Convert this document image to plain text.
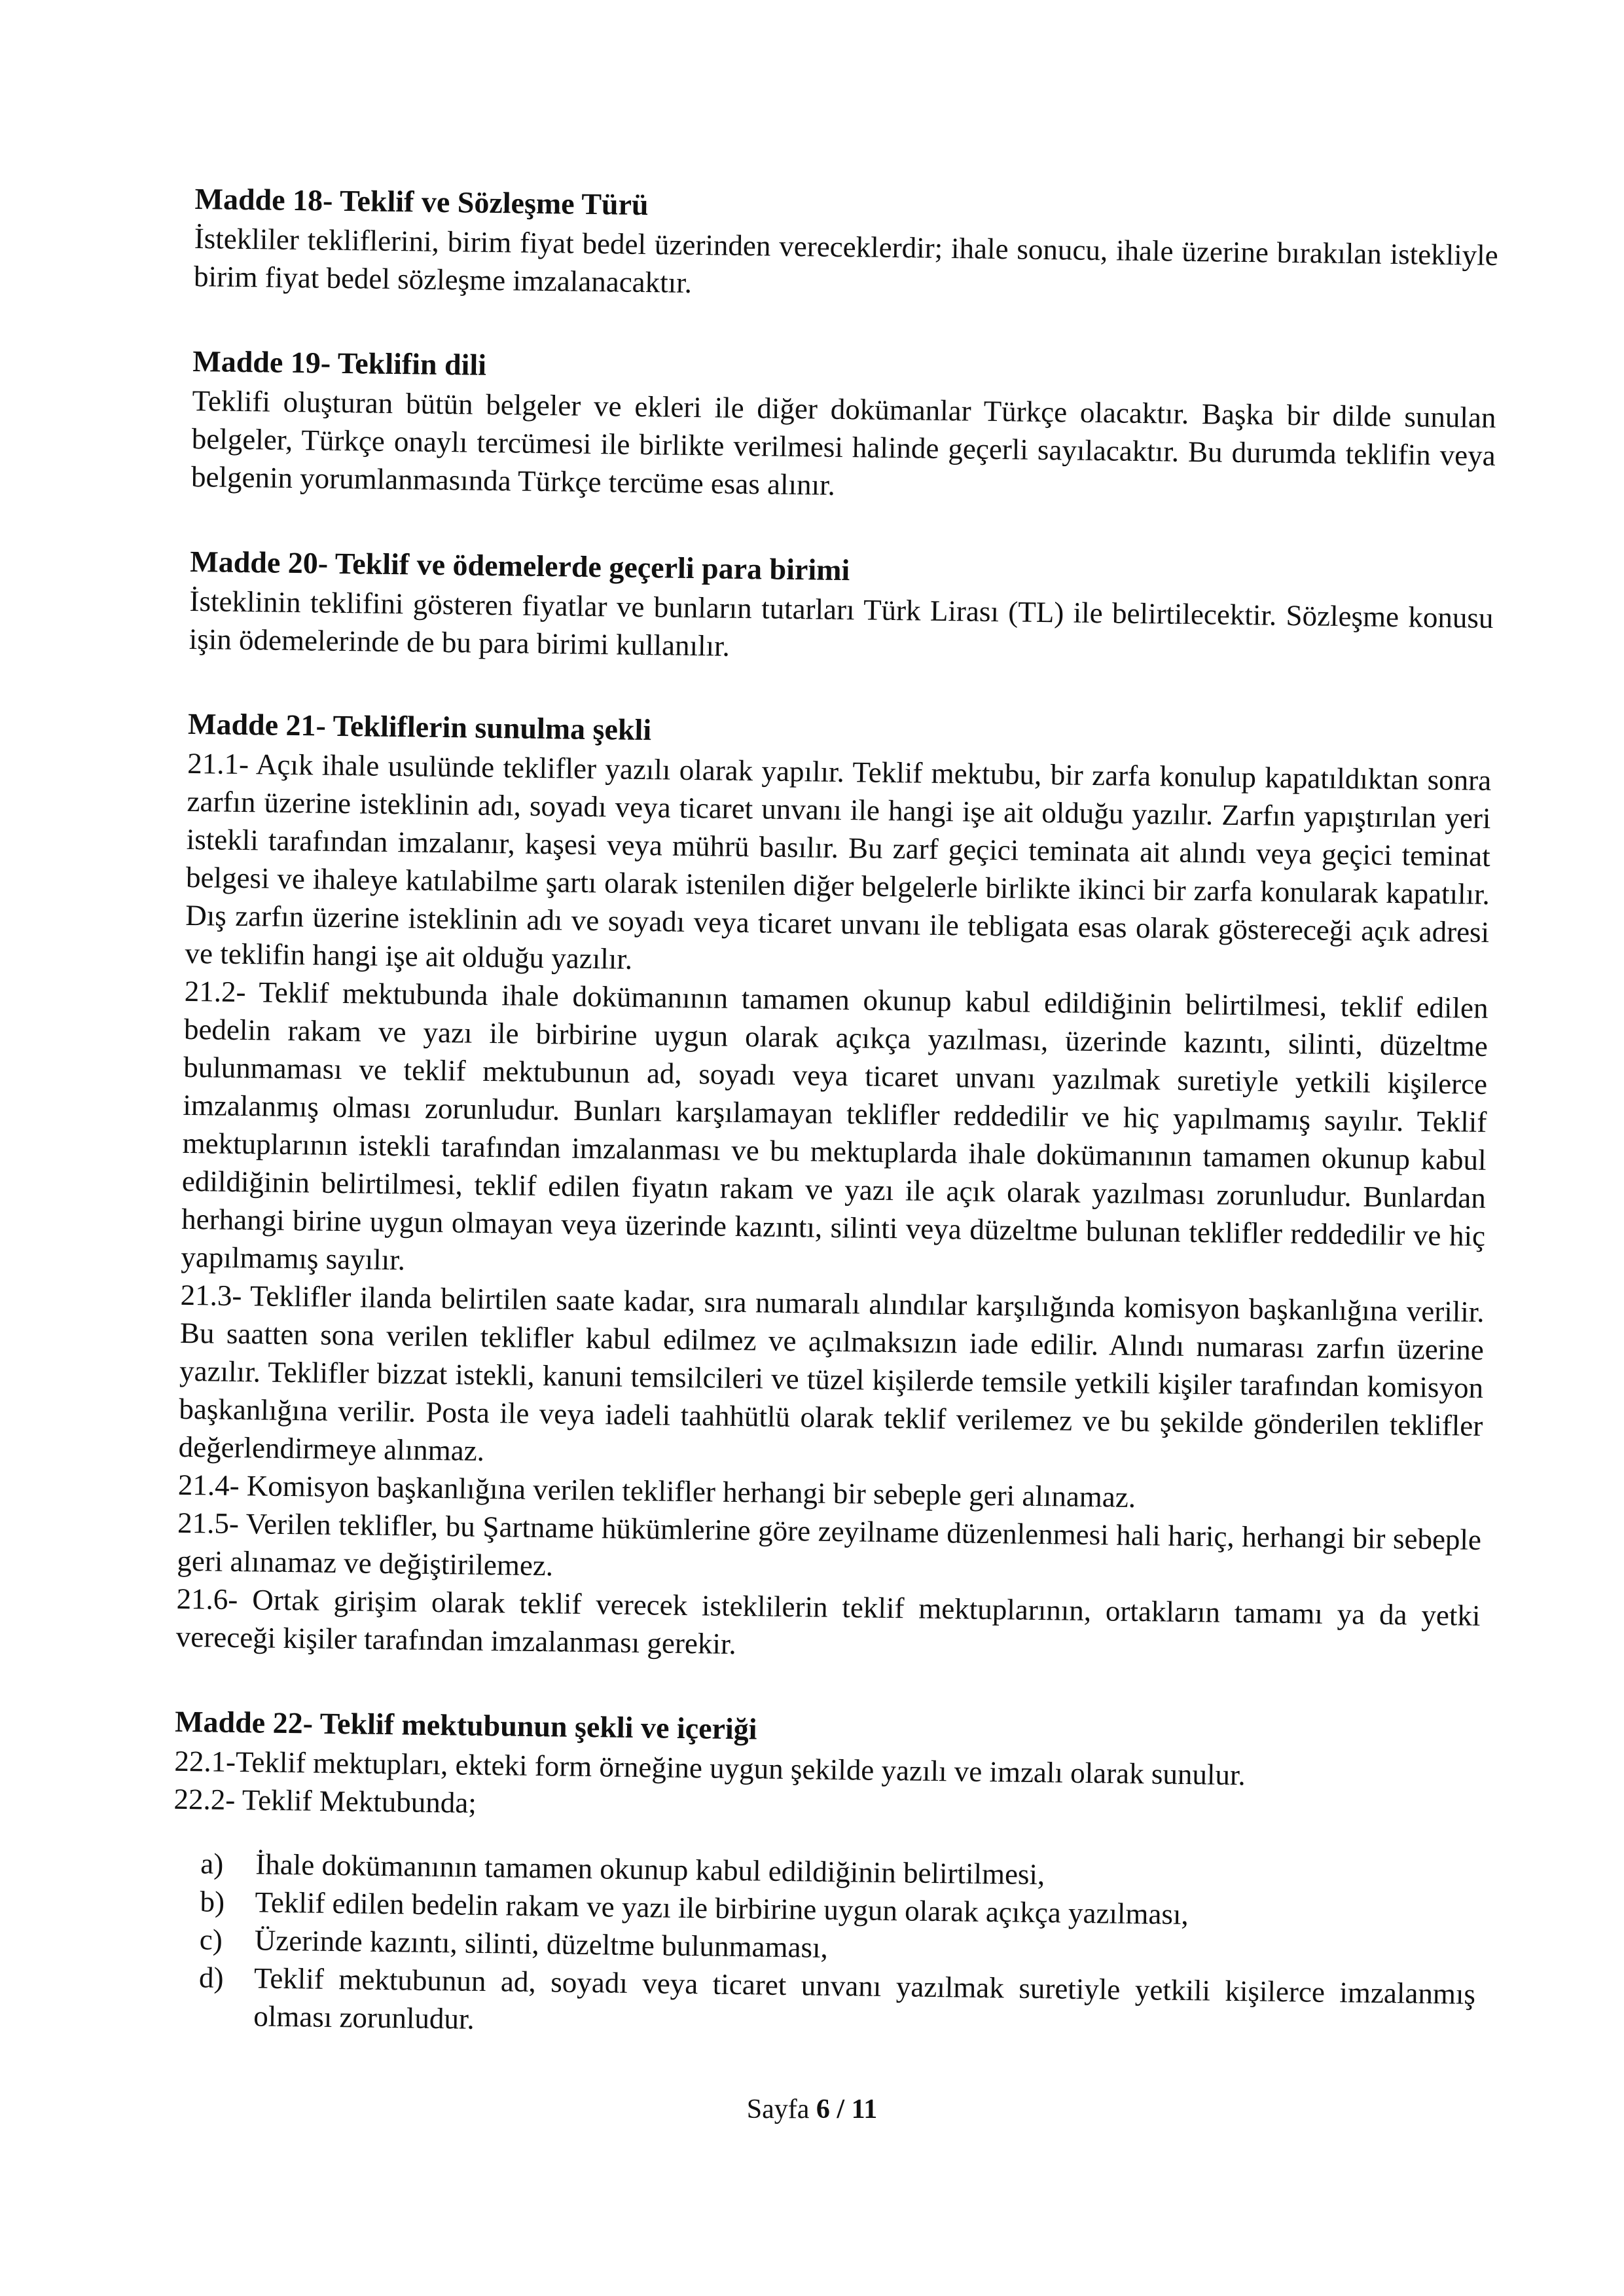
Madde 18- Teklif ve Sözleşme Türü

İstekliler tekliflerini, birim fiyat bedel üzerinden vereceklerdir; ihale sonucu, ihale üzerine bırakılan istekliyle birim fiyat bedel sözleşme imzalanacaktır.

Madde 19- Teklifin dili

Teklifi oluşturan bütün belgeler ve ekleri ile diğer dokümanlar Türkçe olacaktır. Başka bir dilde sunulan belgeler, Türkçe onaylı tercümesi ile birlikte verilmesi halinde geçerli sayılacaktır. Bu durumda teklifin veya belgenin yorumlanmasında Türkçe tercüme esas alınır.

Madde 20- Teklif ve ödemelerde geçerli para birimi

İsteklinin teklifini gösteren fiyatlar ve bunların tutarları Türk Lirası (TL) ile belirtilecektir. Sözleşme konusu işin ödemelerinde de bu para birimi kullanılır.

Madde 21- Tekliflerin sunulma şekli

21.1- Açık ihale usulünde teklifler yazılı olarak yapılır. Teklif mektubu, bir zarfa konulup kapatıldıktan sonra zarfın üzerine isteklinin adı, soyadı veya ticaret unvanı ile hangi işe ait olduğu yazılır. Zarfın yapıştırılan yeri istekli tarafından imzalanır, kaşesi veya mührü basılır. Bu zarf geçici teminata ait alındı veya geçici teminat belgesi ve ihaleye katılabilme şartı olarak istenilen diğer belgelerle birlikte ikinci bir zarfa konularak kapatılır. Dış zarfın üzerine isteklinin adı ve soyadı veya ticaret unvanı ile tebligata esas olarak göstereceği açık adresi ve teklifin hangi işe ait olduğu yazılır.

21.2- Teklif mektubunda ihale dokümanının tamamen okunup kabul edildiğinin belirtilmesi, teklif edilen bedelin rakam ve yazı ile birbirine uygun olarak açıkça yazılması, üzerinde kazıntı, silinti, düzeltme bulunmaması ve teklif mektubunun ad, soyadı veya ticaret unvanı yazılmak suretiyle yetkili kişilerce imzalanmış olması zorunludur. Bunları karşılamayan teklifler reddedilir ve hiç yapılmamış sayılır. Teklif mektuplarının istekli tarafından imzalanması ve bu mektuplarda ihale dokümanının tamamen okunup kabul edildiğinin belirtilmesi, teklif edilen fiyatın rakam ve yazı ile açık olarak yazılması zorunludur. Bunlardan herhangi birine uygun olmayan veya üzerinde kazıntı, silinti veya düzeltme bulunan teklifler reddedilir ve hiç yapılmamış sayılır.

21.3- Teklifler ilanda belirtilen saate kadar, sıra numaralı alındılar karşılığında komisyon başkanlığına verilir. Bu saatten sona verilen teklifler kabul edilmez ve açılmaksızın iade edilir. Alındı numarası zarfın üzerine yazılır. Teklifler bizzat istekli, kanuni temsilcileri ve tüzel kişilerde temsile yetkili kişiler tarafından komisyon başkanlığına verilir. Posta ile veya iadeli taahhütlü olarak teklif verilemez ve bu şekilde gönderilen teklifler değerlendirmeye alınmaz.

21.4- Komisyon başkanlığına verilen teklifler herhangi bir sebeple geri alınamaz.

21.5- Verilen teklifler, bu Şartname hükümlerine göre zeyilname düzenlenmesi hali hariç, herhangi bir sebeple geri alınamaz ve değiştirilemez.

21.6- Ortak girişim olarak teklif verecek isteklilerin teklif mektuplarının, ortakların tamamı ya da yetki vereceği kişiler tarafından imzalanması gerekir.

Madde 22- Teklif mektubunun şekli ve içeriği

22.1-Teklif mektupları, ekteki form örneğine uygun şekilde yazılı ve imzalı olarak sunulur.

22.2- Teklif Mektubunda;

a)	İhale dokümanının tamamen okunup kabul edildiğinin belirtilmesi,
b)	Teklif edilen bedelin rakam ve yazı ile birbirine uygun olarak açıkça yazılması,
c)	Üzerinde kazıntı, silinti, düzeltme bulunmaması,
d)	Teklif mektubunun ad, soyadı veya ticaret unvanı yazılmak suretiyle yetkili kişilerce imzalanmış olması zorunludur.
Sayfa 6 / 11
